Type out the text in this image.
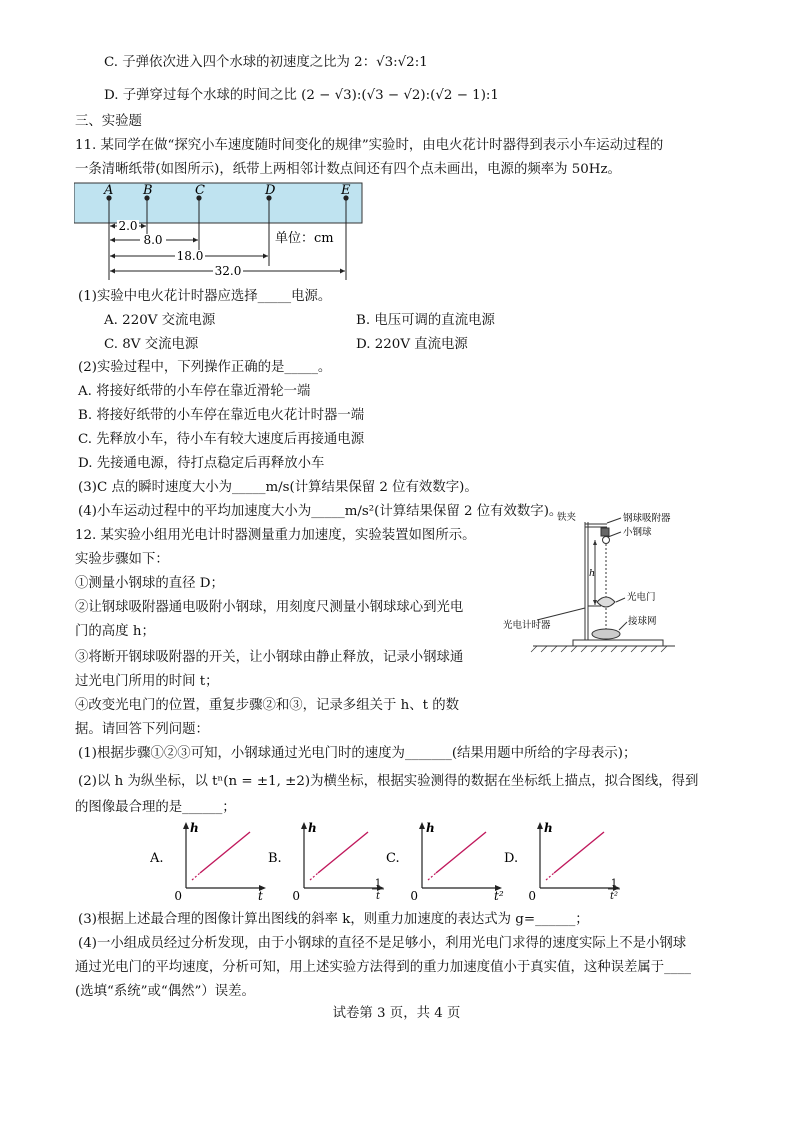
C. 子弹依次进入四个水球的初速度之比为 2：√3:√2:1
D. 子弹穿过每个水球的时间之比 (2 − √3):(√3 − √2):(√2 − 1):1
三、实验题
11. 某同学在做“探究小车速度随时间变化的规律”实验时，由电火花计时器得到表示小车运动过程的
一条清晰纸带(如图所示)，纸带上两相邻计数点间还有四个点未画出，电源的频率为 50Hz。
A B	C	D	E
2.0
8.0
18.0
32.0
单位：cm
(1)实验中电火花计时器应选择_____电源。
A. 220V 交流电源	B. 电压可调的直流电源
C. 8V 交流电源	D. 220V 直流电源
(2)实验过程中，下列操作正确的是_____。
A. 将接好纸带的小车停在靠近滑轮一端
B. 将接好纸带的小车停在靠近电火花计时器一端
C. 先释放小车，待小车有较大速度后再接通电源
D. 先接通电源，待打点稳定后再释放小车
(3)C 点的瞬时速度大小为_____m/s(计算结果保留 2 位有效数字)。
(4)小车运动过程中的平均加速度大小为_____m/s²(计算结果保留 2 位有效数字)。
12. 某实验小组用光电计时器测量重力加速度，实验装置如图所示。
实验步骤如下：
①测量小钢球的直径 D；
②让钢球吸附器通电吸附小钢球，用刻度尺测量小钢球球心到光电
门的高度 h；
③将断开钢球吸附器的开关，让小钢球由静止释放，记录小钢球通
过光电门所用的时间 t；
④改变光电门的位置，重复步骤②和③，记录多组关于 h、t 的数
据。请回答下列问题：
铁夹	钢球吸附器
小钢球
h
光电门
光电计时器	接球网
(1)根据步骤①②③可知，小钢球通过光电门时的速度为_______(结果用题中所给的字母表示)；
(2)以 h 为纵坐标，以 tⁿ(n = ±1, ±2)为横坐标，根据实验测得的数据在坐标纸上描点，拟合图线，得到
的图像最合理的是______；
A.
h
0	t
B.
h
0
1
t
C.
h
0	t²
D.
h
0
1
t²
(3)根据上述最合理的图像计算出图线的斜率 k，则重力加速度的表达式为 g=______；
(4)一小组成员经过分析发现，由于小钢球的直径不是足够小，利用光电门求得的速度实际上不是小钢球
通过光电门的平均速度，分析可知，用上述实验方法得到的重力加速度值小于真实值，这种误差属于____
(选填“系统”或“偶然”）误差。
试卷第 3 页，共 4 页
